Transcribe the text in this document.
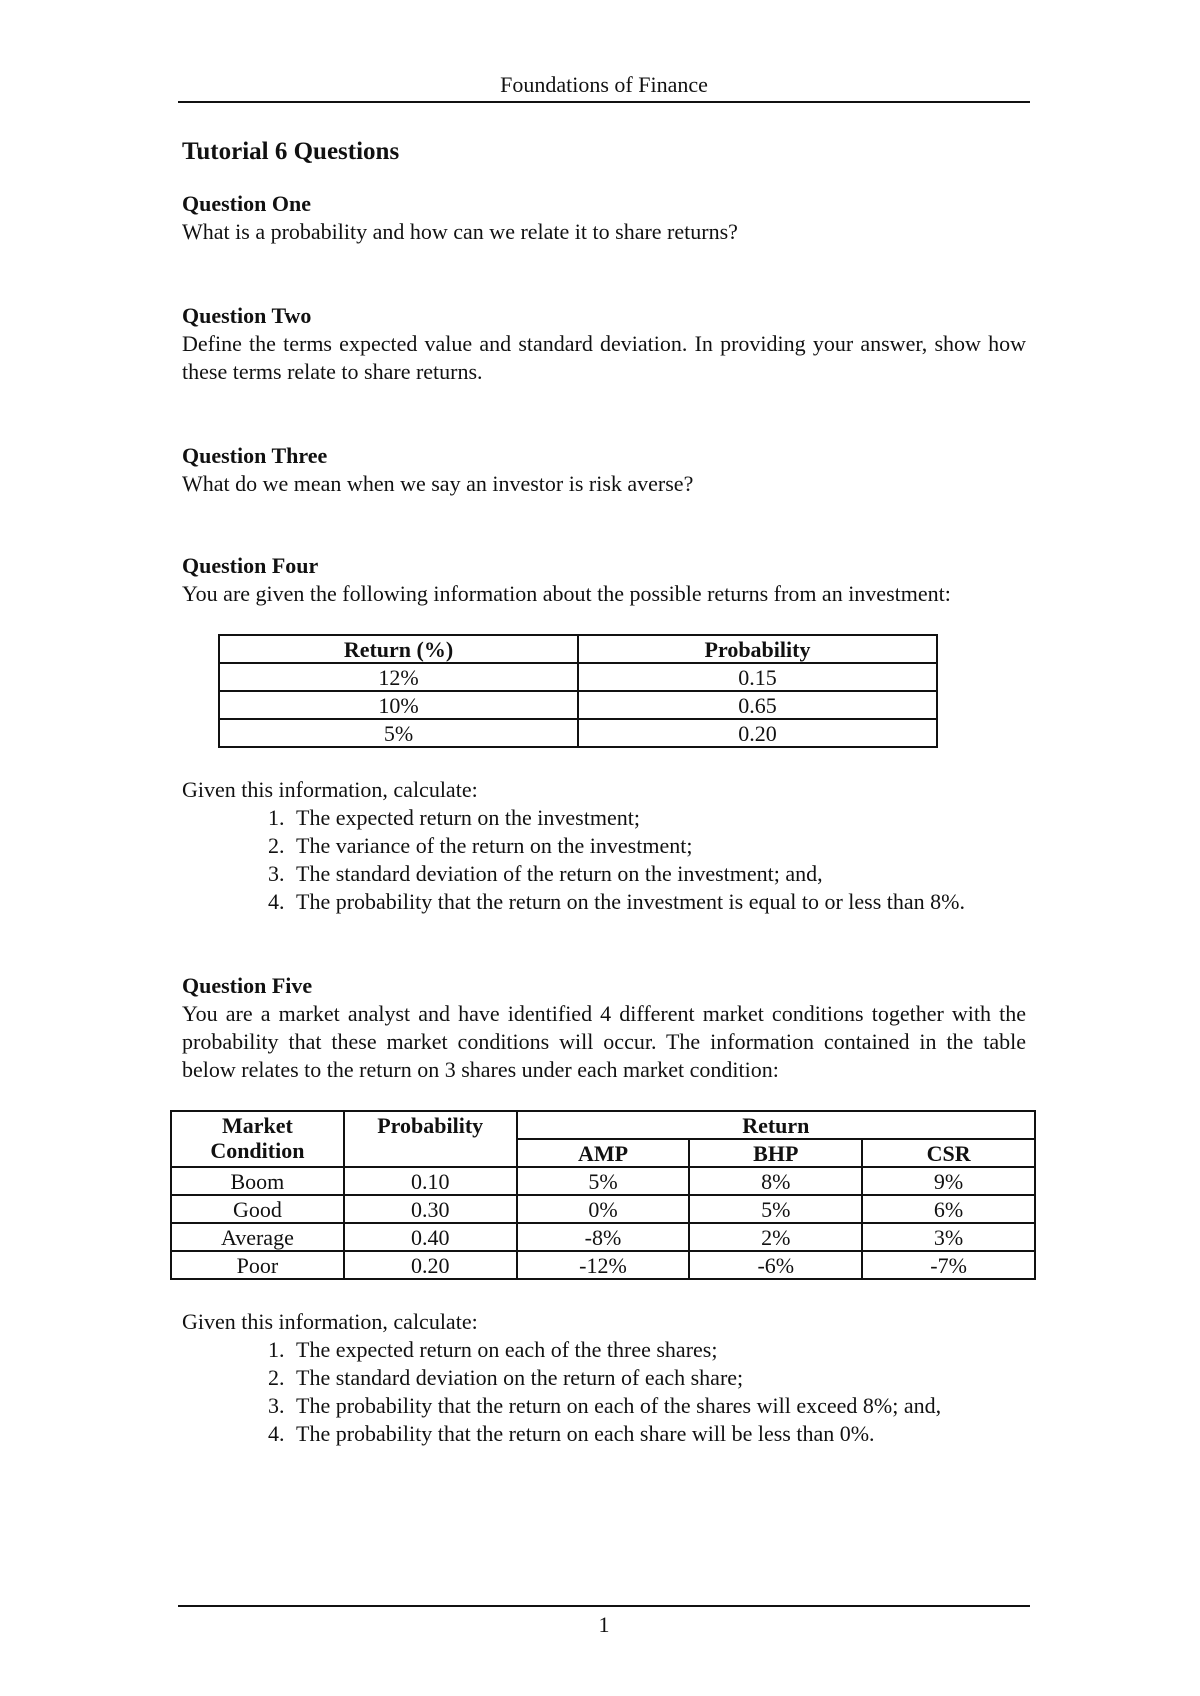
Foundations of Finance
Tutorial 6 Questions
Question One

What is a probability and how can we relate it to share returns?

Question Two

Define the terms expected value and standard deviation. In providing your answer, show how these terms relate to share returns.

Question Three

What do we mean when we say an investor is risk averse?

Question Four

You are given the following information about the possible returns from an investment:

Return (%)	Probability
12%	0.15
10%	0.65
5%	0.20

Given this information, calculate:

1. The expected return on the investment;
2. The variance of the return on the investment;
3. The standard deviation of the return on the investment; and,
4. The probability that the return on the investment is equal to or less than 8%.
Question Five

You are a market analyst and have identified 4 different market conditions together with the probability that these market conditions will occur. The information contained in the table below relates to the return on 3 shares under each market condition:

Market Condition	Probability	Return		
		AMP	BHP	CSR
Boom	0.10	5%	8%	9%
Good	0.30	0%	5%	6%
Average	0.40	-8%	2%	3%
Poor	0.20	-12%	-6%	-7%

Given this information, calculate:

1. The expected return on each of the three shares;
2. The standard deviation on the return of each share;
3. The probability that the return on each of the shares will exceed 8%; and,
4. The probability that the return on each share will be less than 0%.
1
